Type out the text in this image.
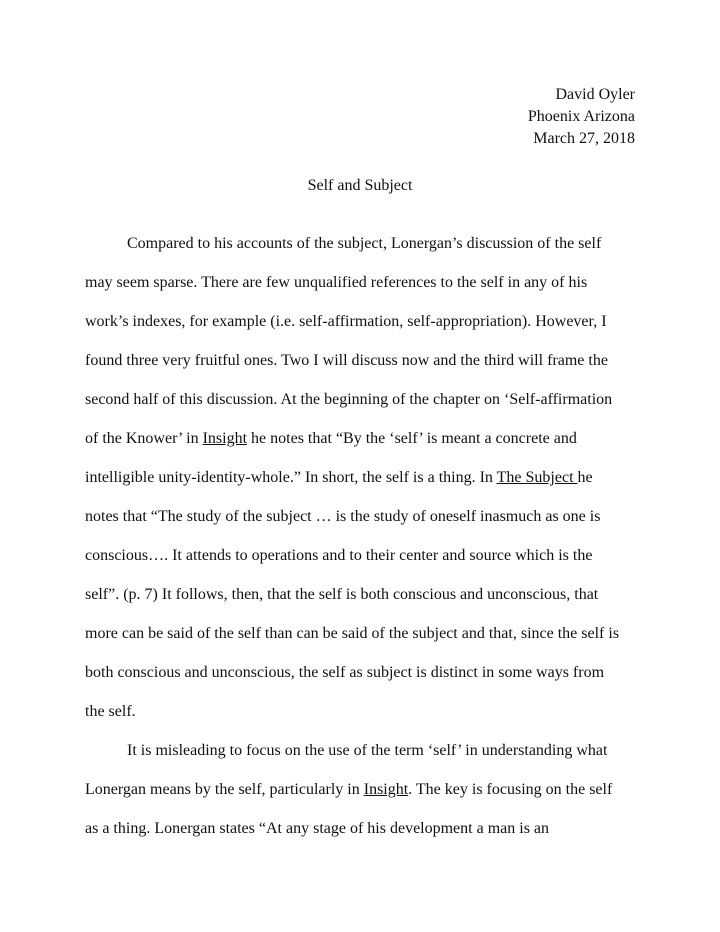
David Oyler
Phoenix Arizona
March 27, 2018
Self and Subject
Compared to his accounts of the subject, Lonergan’s discussion of the self
may seem sparse. There are few unqualified references to the self in any of his
work’s indexes, for example (i.e. self-affirmation, self-appropriation). However, I
found three very fruitful ones. Two I will discuss now and the third will frame the
second half of this discussion. At the beginning of the chapter on ‘Self-affirmation
of the Knower’ in Insight he notes that “By the ‘self’ is meant a concrete and
intelligible unity-identity-whole.” In short, the self is a thing. In The Subject he
notes that “The study of the subject … is the study of oneself inasmuch as one is
conscious…. It attends to operations and to their center and source which is the
self”. (p. 7) It follows, then, that the self is both conscious and unconscious, that
more can be said of the self than can be said of the subject and that, since the self is
both conscious and unconscious, the self as subject is distinct in some ways from
the self.
It is misleading to focus on the use of the term ‘self’ in understanding what
Lonergan means by the self, particularly in Insight. The key is focusing on the self
as a thing. Lonergan states “At any stage of his development a man is an
